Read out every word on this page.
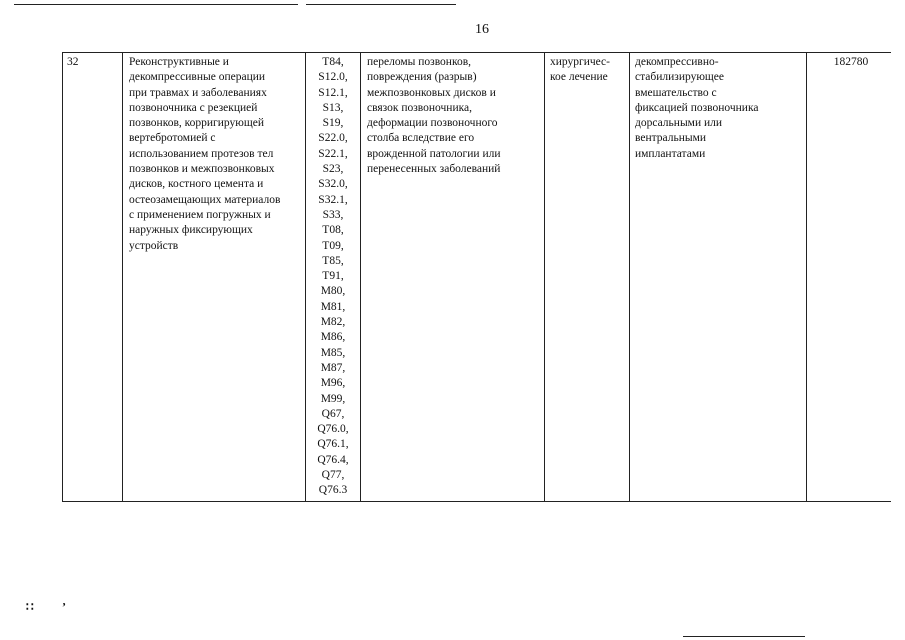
16
32	Реконструктивные и
декомпрессивные операции
при травмах и заболеваниях
позвоночника с резекцией
позвонков, корригирующей
вертебротомией с
использованием протезов тел
позвонков и межпозвонковых
дисков, костного цемента и
остеозамещающих материалов
с применением погружных и
наружных фиксирующих
устройств
T84,
S12.0,
S12.1,
S13,
S19,
S22.0,
S22.1,
S23,
S32.0,
S32.1,
S33,
T08,
T09,
T85,
T91,
M80,
M81,
M82,
M86,
M85,
M87,
M96,
M99,
Q67,
Q76.0,
Q76.1,
Q76.4,
Q77,
Q76.3
переломы позвонков,
повреждения (разрыв)
межпозвонковых дисков и
связок позвоночника,
деформации позвоночного
столба вследствие его
врожденной патологии или
перенесенных заболеваний
хирургичес-
кое лечение
декомпрессивно-
стабилизирующее
вмешательство с
фиксацией позвоночника
дорсальными или
вентральными
имплантатами
182780
∷ ʼ
